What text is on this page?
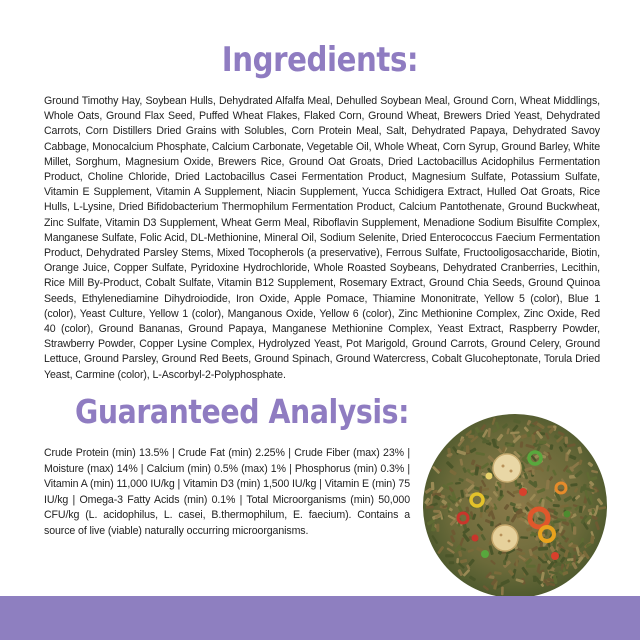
Ingredients:
Ground Timothy Hay, Soybean Hulls, Dehydrated Alfalfa Meal, Dehulled Soybean Meal, Ground Corn, Wheat Middlings, Whole Oats, Ground Flax Seed, Puffed Wheat Flakes, Flaked Corn, Ground Wheat, Brewers Dried Yeast, Dehydrated Carrots, Corn Distillers Dried Grains with Solubles, Corn Protein Meal, Salt, Dehydrated Papaya, Dehydrated Savoy Cabbage, Monocalcium Phosphate, Calcium Carbonate, Vegetable Oil, Whole Wheat, Corn Syrup, Ground Barley, White Millet, Sorghum, Magnesium Oxide, Brewers Rice, Ground Oat Groats, Dried Lactobacillus Acidophilus Fermentation Product, Choline Chloride, Dried Lactobacillus Casei Fermentation Product, Magnesium Sulfate, Potassium Sulfate, Vitamin E Supplement, Vitamin A Supplement, Niacin Supplement, Yucca Schidigera Extract, Hulled Oat Groats, Rice Hulls, L-Lysine, Dried Bifidobacterium Thermophilum Fermentation Product, Calcium Pantothenate, Ground Buckwheat, Zinc Sulfate, Vitamin D3 Supplement, Wheat Germ Meal, Riboflavin Supplement, Menadione Sodium Bisulfite Complex, Manganese Sulfate, Folic Acid, DL-Methionine, Mineral Oil, Sodium Selenite, Dried Enterococcus Faecium Fermentation Product, Dehydrated Parsley Stems, Mixed Tocopherols (a preservative), Ferrous Sulfate, Fructooligosaccharide, Biotin, Orange Juice, Copper Sulfate, Pyridoxine Hydrochloride, Whole Roasted Soybeans, Dehydrated Cranberries, Lecithin, Rice Mill By-Product, Cobalt Sulfate, Vitamin B12 Supplement, Rosemary Extract, Ground Chia Seeds, Ground Quinoa Seeds, Ethylenediamine Dihydroiodide, Iron Oxide, Apple Pomace, Thiamine Mononitrate, Yellow 5 (color), Blue 1 (color), Yeast Culture, Yellow 1 (color), Manganous Oxide, Yellow 6 (color), Zinc Methionine Complex, Zinc Oxide, Red 40 (color), Ground Bananas, Ground Papaya, Manganese Methionine Complex, Yeast Extract, Raspberry Powder, Strawberry Powder, Copper Lysine Complex, Hydrolyzed Yeast, Pot Marigold, Ground Carrots, Ground Celery, Ground Lettuce, Ground Parsley, Ground Red Beets, Ground Spinach, Ground Watercress, Cobalt Glucoheptonate, Torula Dried Yeast, Carmine (color), L-Ascorbyl-2-Polyphosphate.
Guaranteed Analysis:
Crude Protein (min) 13.5% | Crude Fat (min) 2.25% | Crude Fiber (max) 23% | Moisture (max) 14% | Calcium (min) 0.5% (max) 1% | Phosphorus (min) 0.3% | Vitamin A (min) 11,000 IU/kg | Vitamin D3 (min) 1,500 IU/kg | Vitamin E (min) 75 IU/kg | Omega-3 Fatty Acids (min) 0.1% | Total Microorganisms (min) 50,000 CFU/kg (L. acidophilus, L. casei, B.thermophilum, E. faecium). Contains a source of live (viable) naturally occurring microorganisms.
